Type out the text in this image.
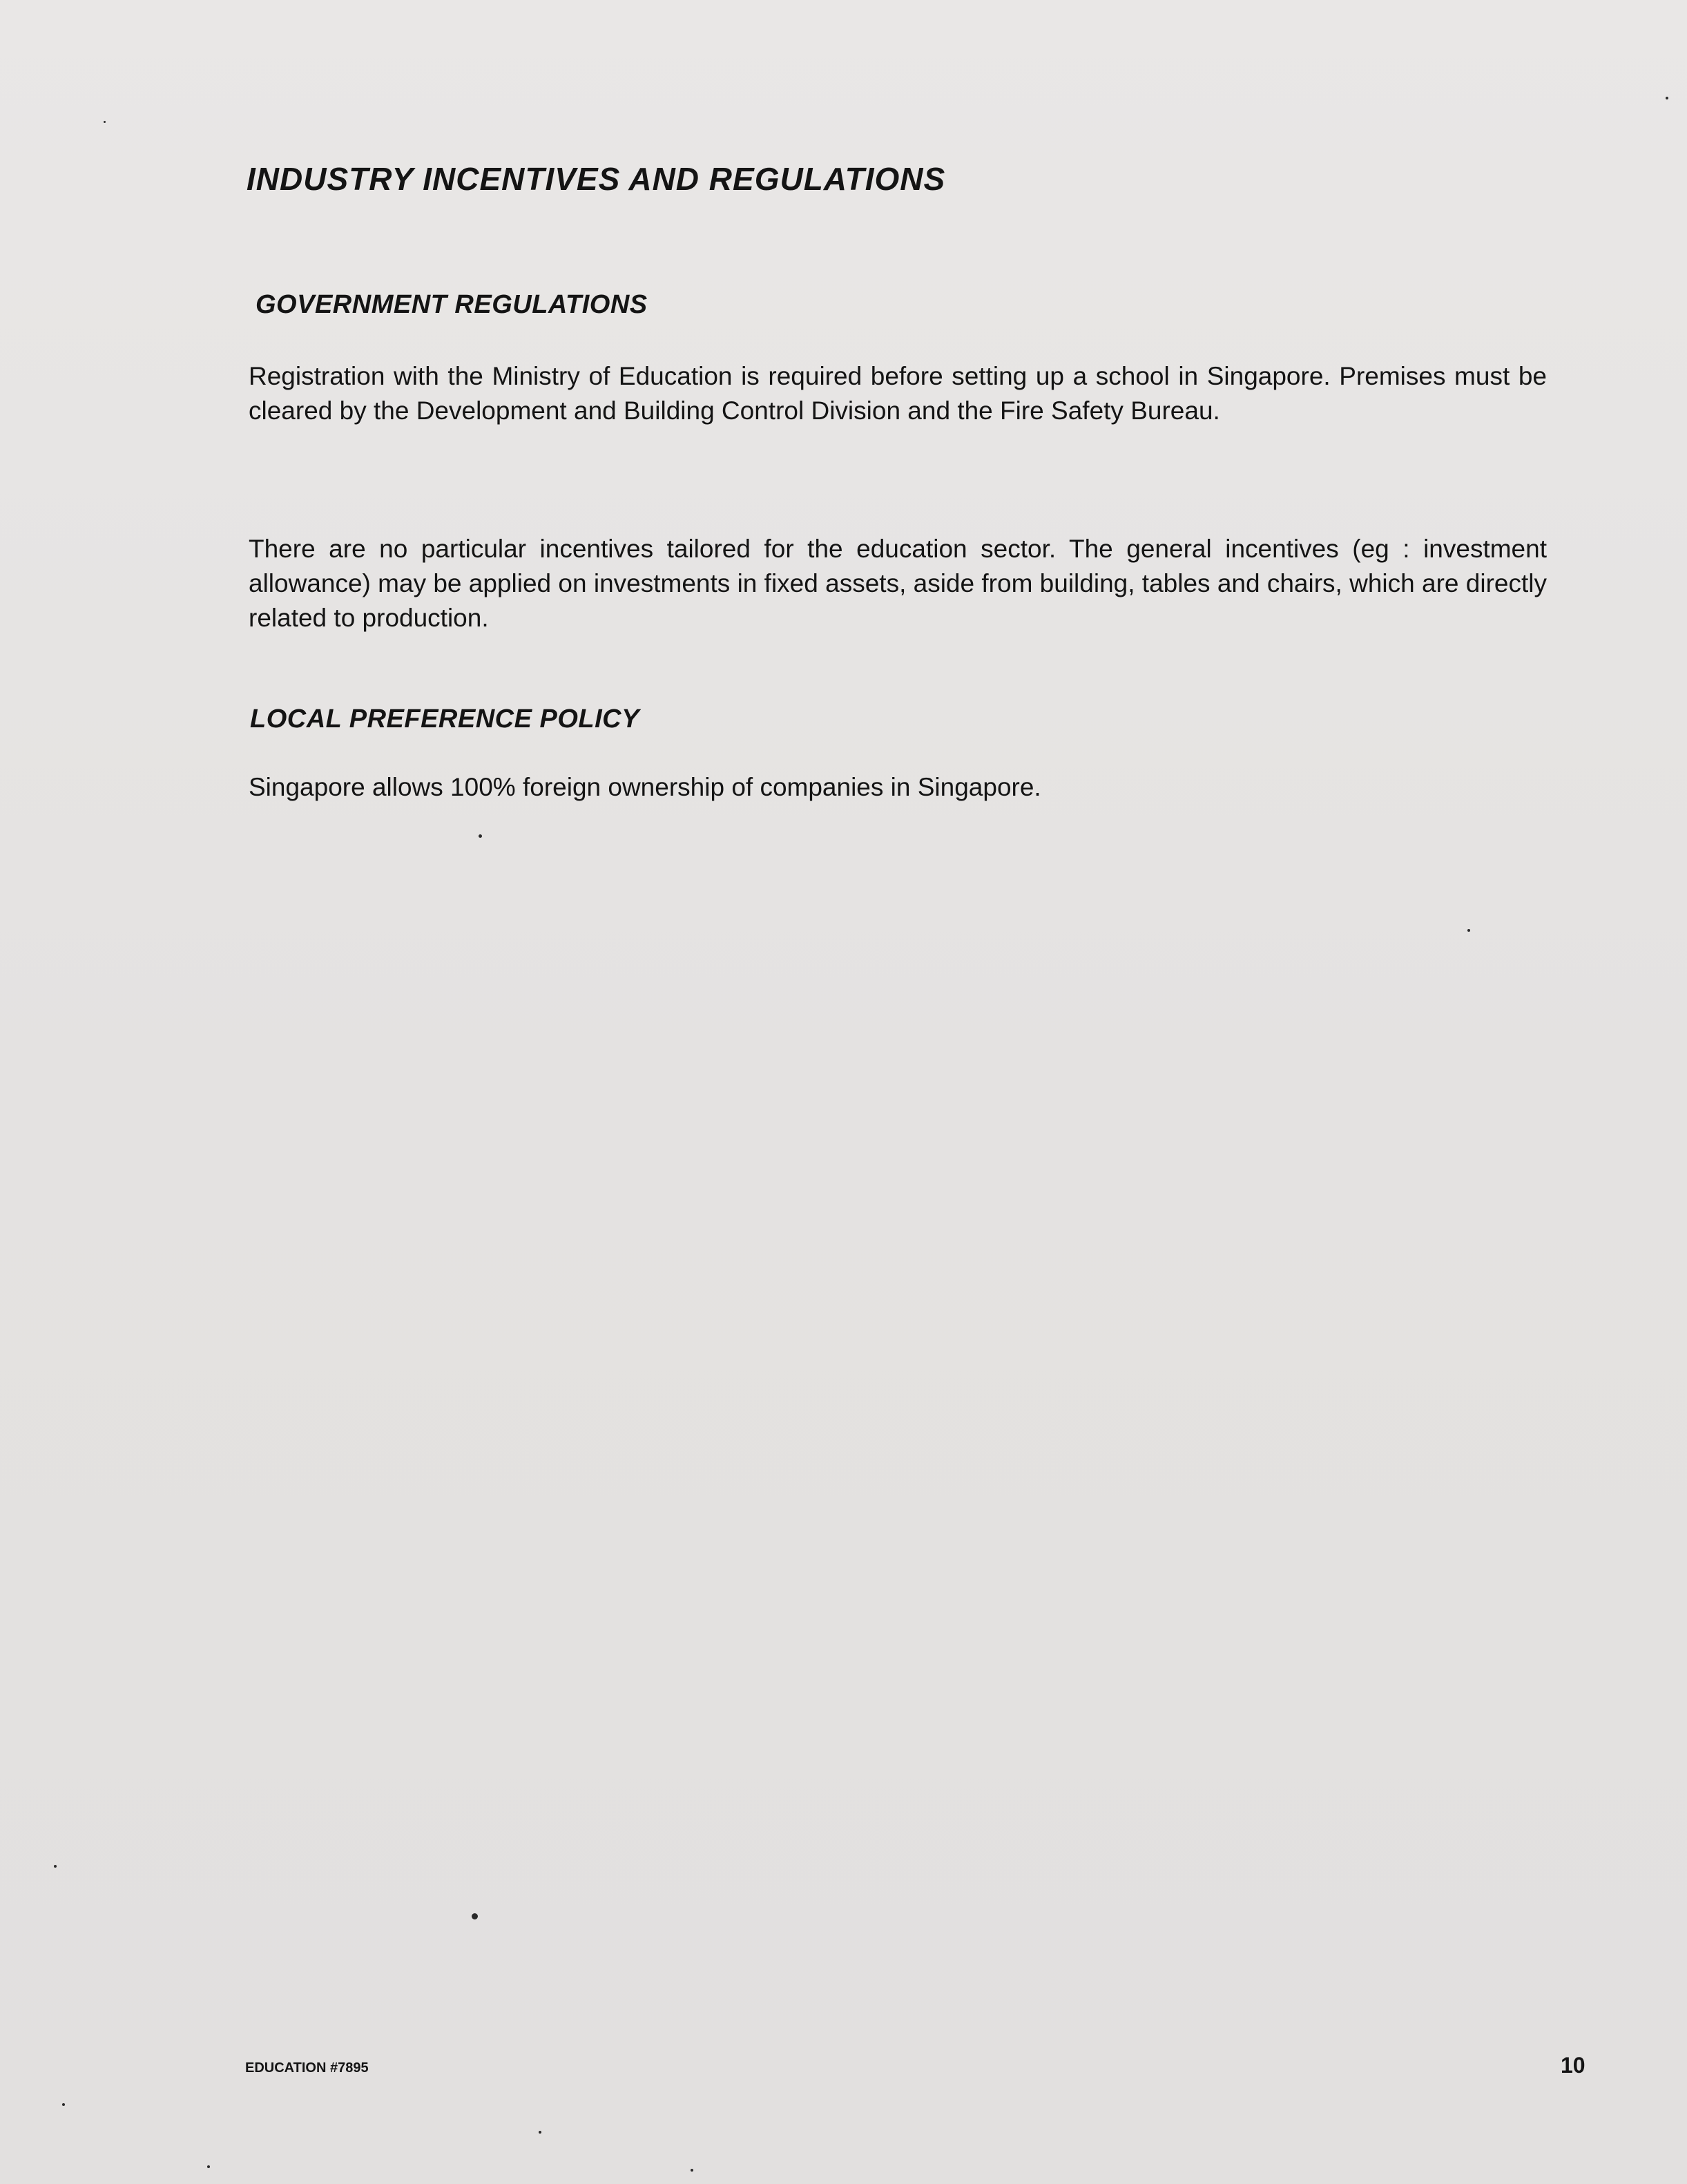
INDUSTRY INCENTIVES AND REGULATIONS
GOVERNMENT REGULATIONS

Registration with the Ministry of Education is required before setting up a school in Singapore. Premises must be cleared by the Development and Building Control Division and the Fire Safety Bureau.

There are no particular incentives tailored for the education sector. The general incentives (eg : investment allowance) may be applied on investments in fixed assets, aside from building, tables and chairs, which are directly related to production.

LOCAL PREFERENCE POLICY

Singapore allows 100% foreign ownership of companies in Singapore.

EDUCATION #7895	10
